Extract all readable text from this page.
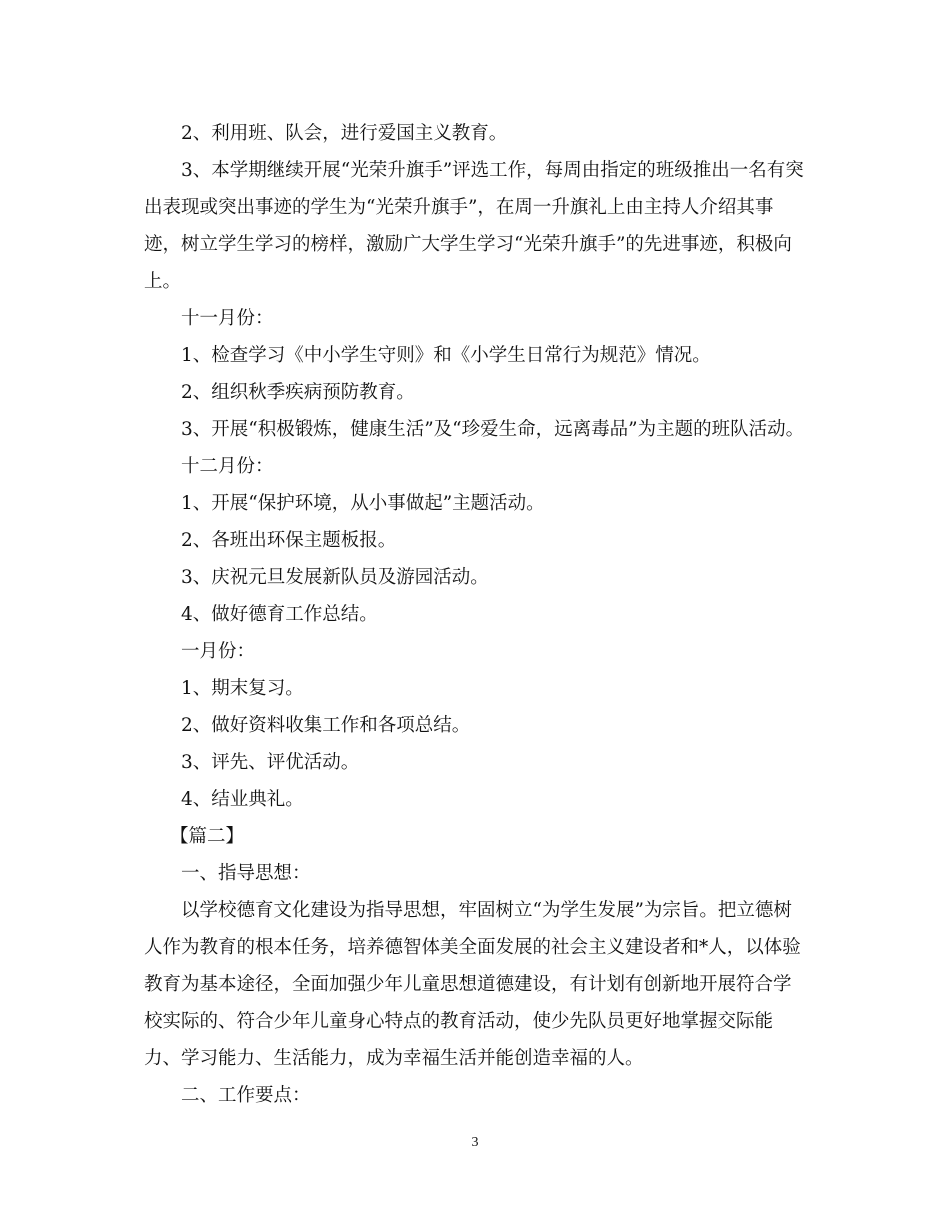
2、利用班、队会，进行爱国主义教育。

3、本学期继续开展“光荣升旗手”评选工作，每周由指定的班级推出一名有突

出表现或突出事迹的学生为“光荣升旗手”，在周一升旗礼上由主持人介绍其事

迹，树立学生学习的榜样，激励广大学生学习“光荣升旗手”的先进事迹，积极向

上。

十一月份：

1、检查学习《中小学生守则》和《小学生日常行为规范》情况。

2、组织秋季疾病预防教育。

3、开展“积极锻炼，健康生活”及“珍爱生命，远离毒品”为主题的班队活动。

十二月份：

1、开展“保护环境，从小事做起”主题活动。

2、各班出环保主题板报。

3、庆祝元旦发展新队员及游园活动。

4、做好德育工作总结。

一月份：

1、期末复习。

2、做好资料收集工作和各项总结。

3、评先、评优活动。

4、结业典礼。

【篇二】

一、指导思想：

以学校德育文化建设为指导思想，牢固树立“为学生发展”为宗旨。把立德树

人作为教育的根本任务，培养德智体美全面发展的社会主义建设者和*人，以体验

教育为基本途径，全面加强少年儿童思想道德建设，有计划有创新地开展符合学

校实际的、符合少年儿童身心特点的教育活动，使少先队员更好地掌握交际能

力、学习能力、生活能力，成为幸福生活并能创造幸福的人。

二、工作要点：

3
